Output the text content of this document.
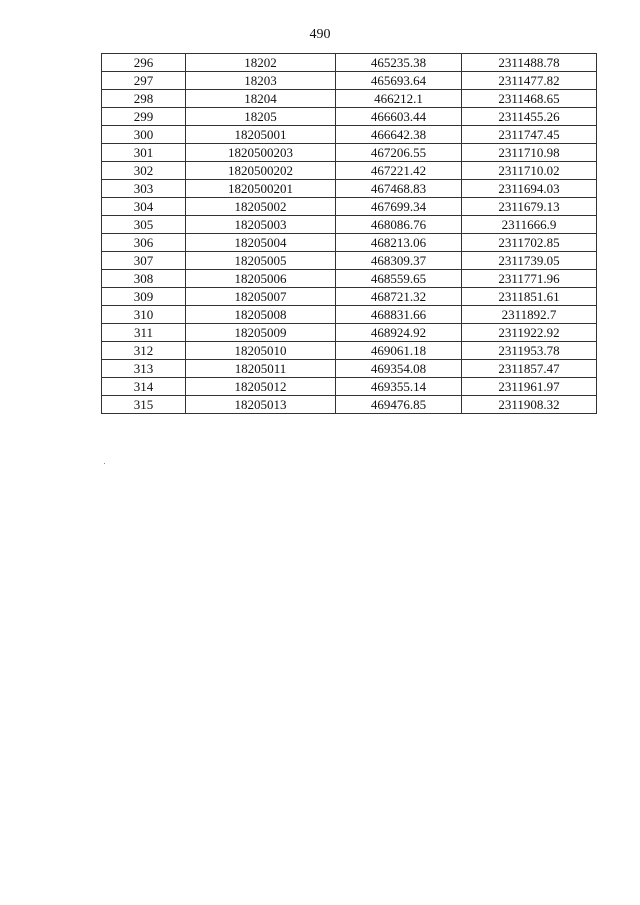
490
296	18202	465235.38	2311488.78
297	18203	465693.64	2311477.82
298	18204	466212.1	2311468.65
299	18205	466603.44	2311455.26
300	18205001	466642.38	2311747.45
301	1820500203	467206.55	2311710.98
302	1820500202	467221.42	2311710.02
303	1820500201	467468.83	2311694.03
304	18205002	467699.34	2311679.13
305	18205003	468086.76	2311666.9
306	18205004	468213.06	2311702.85
307	18205005	468309.37	2311739.05
308	18205006	468559.65	2311771.96
309	18205007	468721.32	2311851.61
310	18205008	468831.66	2311892.7
311	18205009	468924.92	2311922.92
312	18205010	469061.18	2311953.78
313	18205011	469354.08	2311857.47
314	18205012	469355.14	2311961.97
315	18205013	469476.85	2311908.32
